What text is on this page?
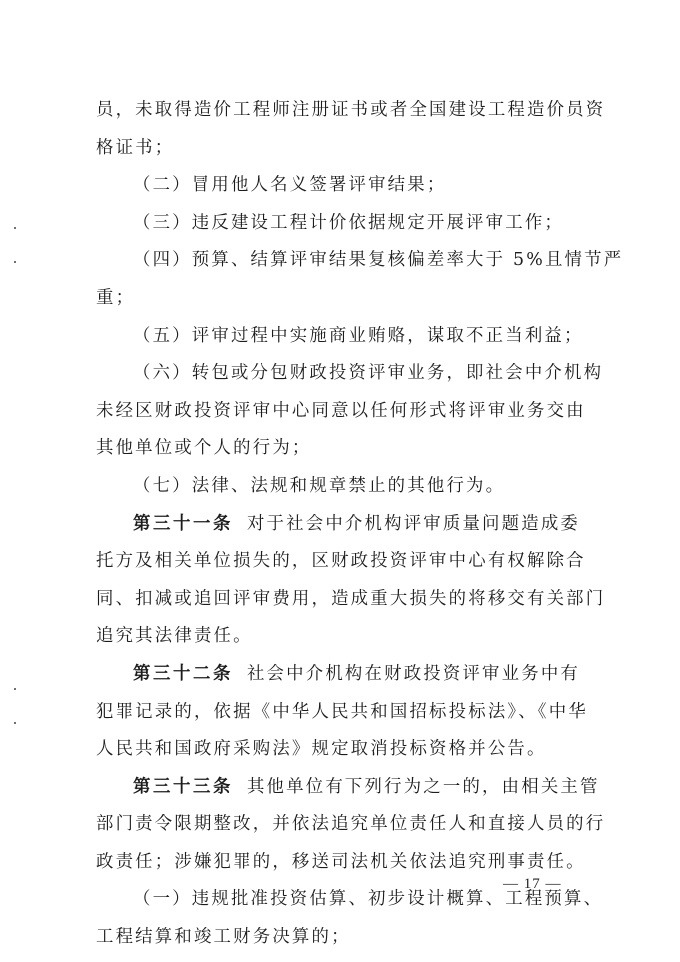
员，未取得造价工程师注册证书或者全国建设工程造价员资
格证书；
（二）冒用他人名义签署评审结果；
（三）违反建设工程计价依据规定开展评审工作；
（四）预算、结算评审结果复核偏差率大于 5%且情节严
重；
（五）评审过程中实施商业贿赂，谋取不正当利益；
（六）转包或分包财政投资评审业务，即社会中介机构
未经区财政投资评审中心同意以任何形式将评审业务交由
其他单位或个人的行为；
（七）法律、法规和规章禁止的其他行为。
第三十一条 对于社会中介机构评审质量问题造成委
托方及相关单位损失的，区财政投资评审中心有权解除合
同、扣减或追回评审费用，造成重大损失的将移交有关部门
追究其法律责任。
第三十二条 社会中介机构在财政投资评审业务中有
犯罪记录的，依据《中华人民共和国招标投标法》、《中华
人民共和国政府采购法》规定取消投标资格并公告。
第三十三条 其他单位有下列行为之一的，由相关主管
部门责令限期整改，并依法追究单位责任人和直接人员的行
政责任；涉嫌犯罪的，移送司法机关依法追究刑事责任。
（一）违规批准投资估算、初步设计概算、工程预算、
工程结算和竣工财务决算的；
— 17 —
